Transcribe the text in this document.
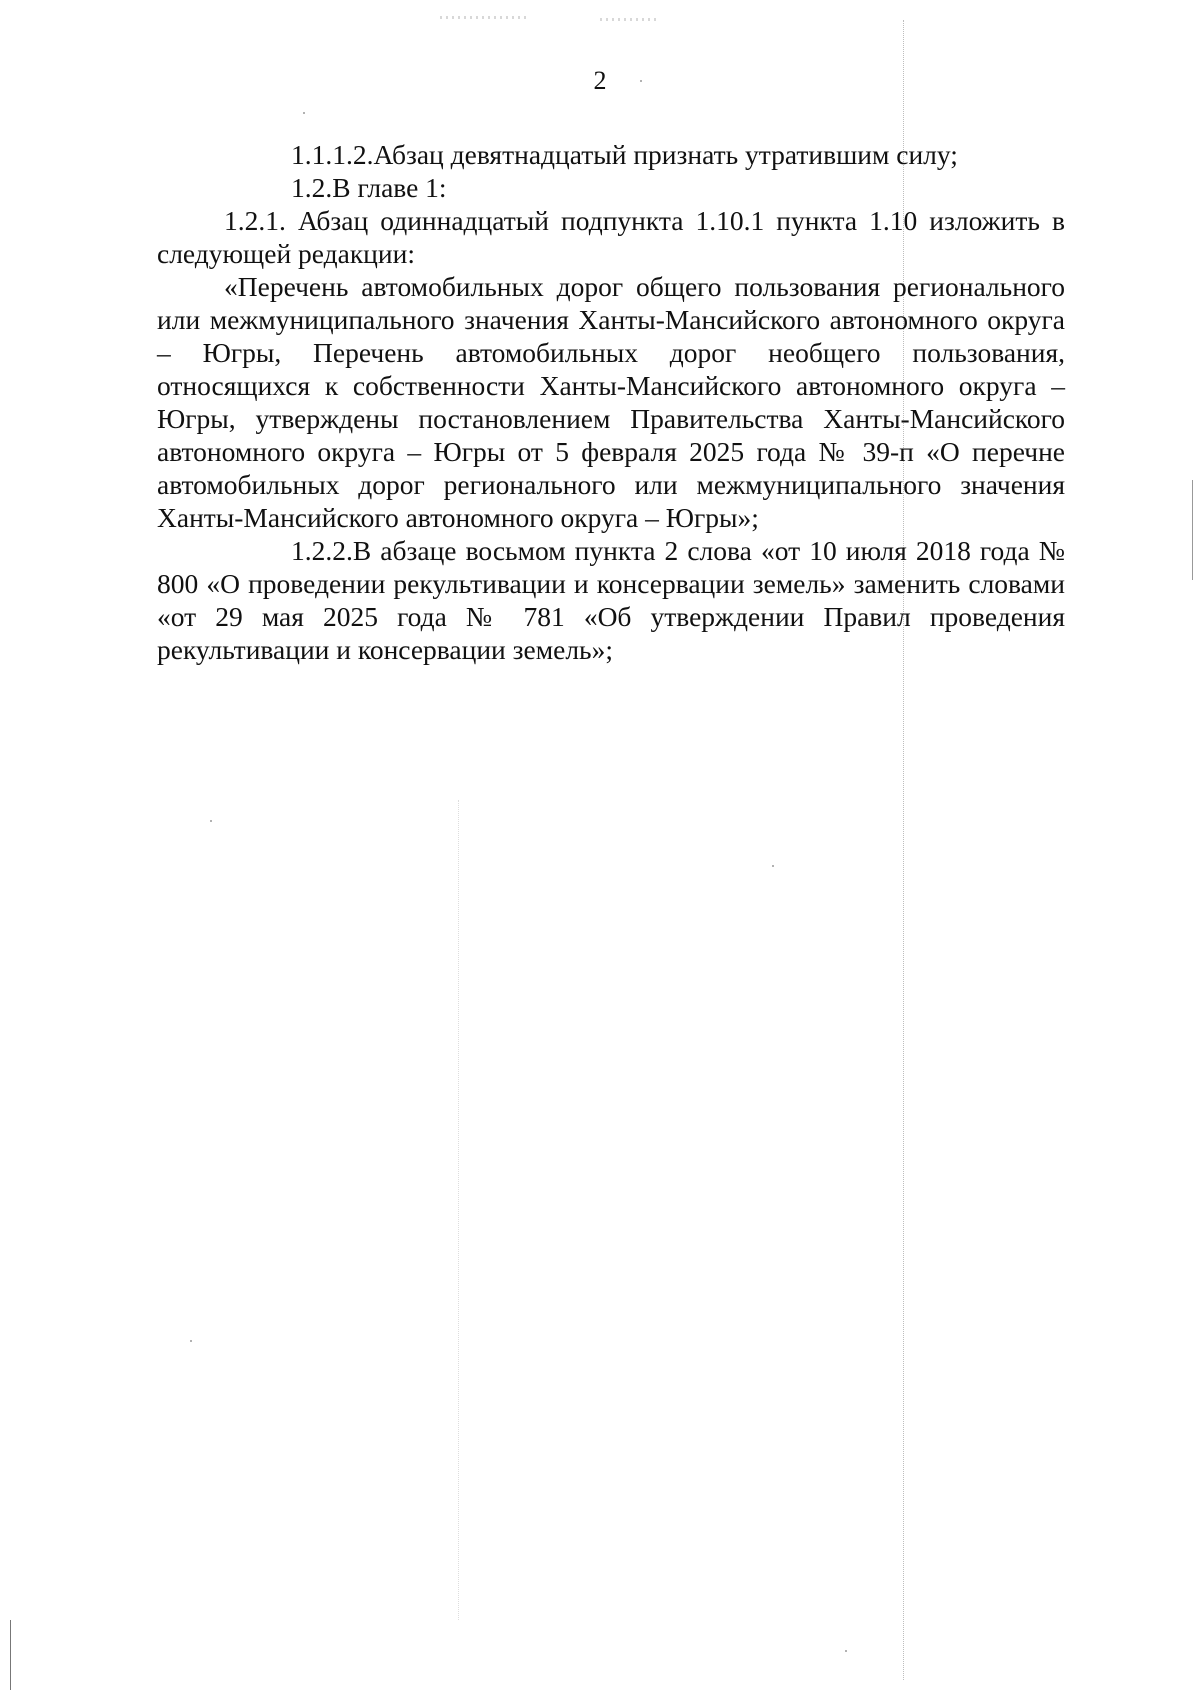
2

1.1.1.2.Абзац девятнадцатый признать утратившим силу;

1.2.В главе 1:

1.2.1. Абзац одиннадцатый подпункта 1.10.1 пункта 1.10 изложить в следующей редакции:

«Перечень автомобильных дорог общего пользования регионального или межмуниципального значения Ханты-Мансийского автономного округа – Югры, Перечень автомобильных дорог необщего пользования, относящихся к собственности Ханты-Мансийского автономного округа – Югры, утверждены постановлением Правительства Ханты-Мансийского автономного округа – Югры от 5 февраля 2025 года № 39-п «О перечне автомобильных дорог регионального или межмуниципального значения Ханты-Мансийского автономного округа – Югры»;

1.2.2.В абзаце восьмом пункта 2 слова «от 10 июля 2018 года № 800 «О проведении рекультивации и консервации земель» заменить словами «от 29 мая 2025 года № 781 «Об утверждении Правил проведения рекультивации и консервации земель»;
